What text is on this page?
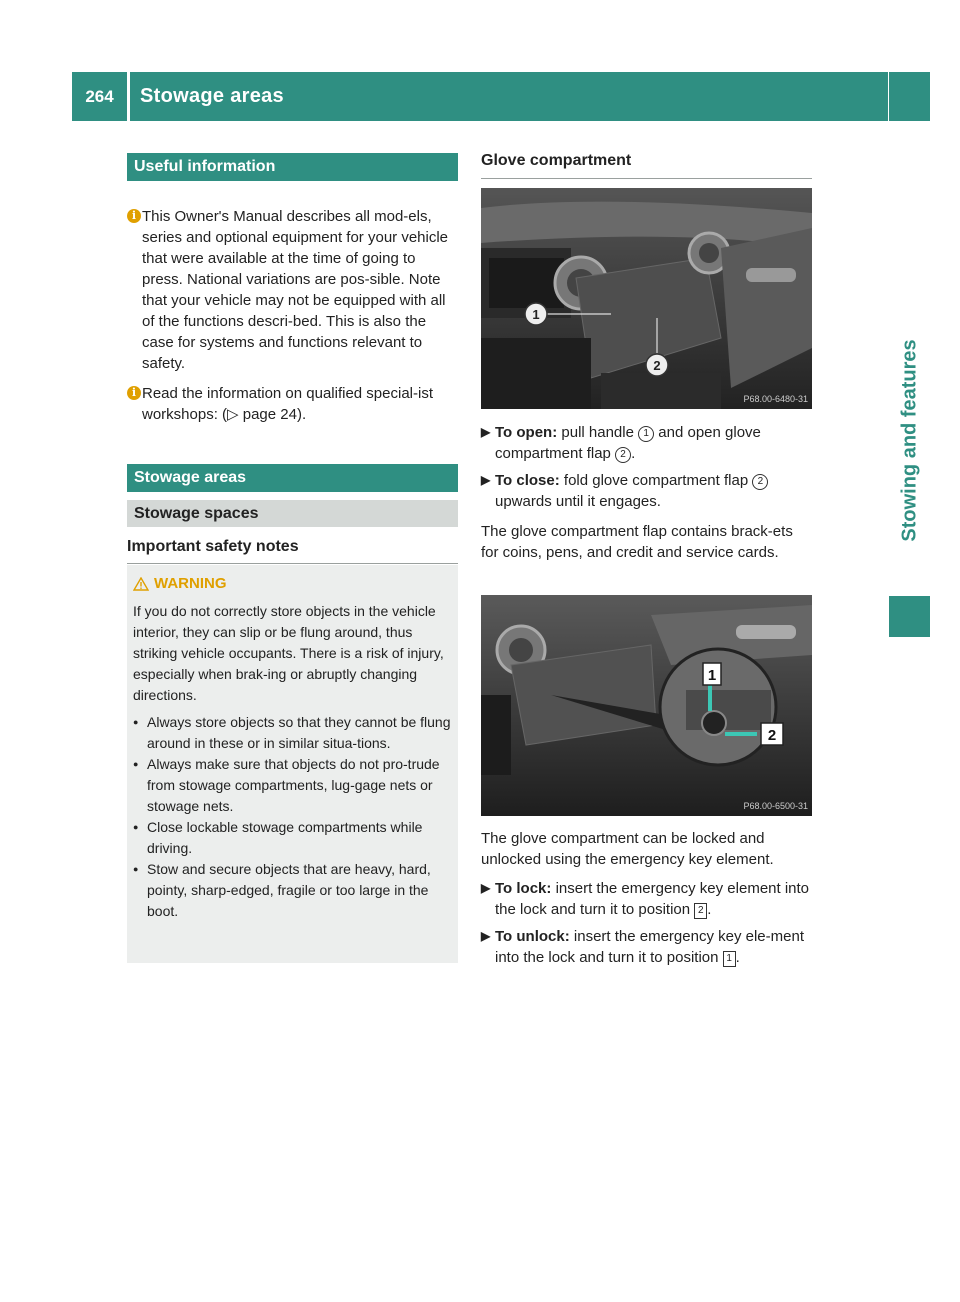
264	Stowage areas
Stowing and features
Useful information
i This Owner's Manual describes all mod-els, series and optional equipment for your vehicle that were available at the time of going to press. National variations are pos-sible. Note that your vehicle may not be equipped with all of the functions descri-bed. This is also the case for systems and functions relevant to safety.
i Read the information on qualified special-ist workshops: (▷ page 24).
Stowage areas
Stowage spaces
Important safety notes
WARNING
If you do not correctly store objects in the vehicle interior, they can slip or be flung around, thus striking vehicle occupants. There is a risk of injury, especially when brak-ing or abruptly changing directions.
● Always store objects so that they cannot be flung around in these or in similar situa-tions.
● Always make sure that objects do not pro-trude from stowage compartments, lug-gage nets or stowage nets.
● Close lockable stowage compartments while driving.
● Stow and secure objects that are heavy, hard, pointy, sharp-edged, fragile or too large in the boot.
Glove compartment
1
2
P68.00-6480-31
▶ To open: pull handle 1 and open glove compartment flap 2 .
▶ To close: fold glove compartment flap 2 upwards until it engages.
The glove compartment flap contains brack-ets for coins, pens, and credit and service cards.
1
2
P68.00-6500-31
The glove compartment can be locked and unlocked using the emergency key element.
▶ To lock: insert the emergency key element into the lock and turn it to position 2 .
▶ To unlock: insert the emergency key ele-ment into the lock and turn it to position 1 .
